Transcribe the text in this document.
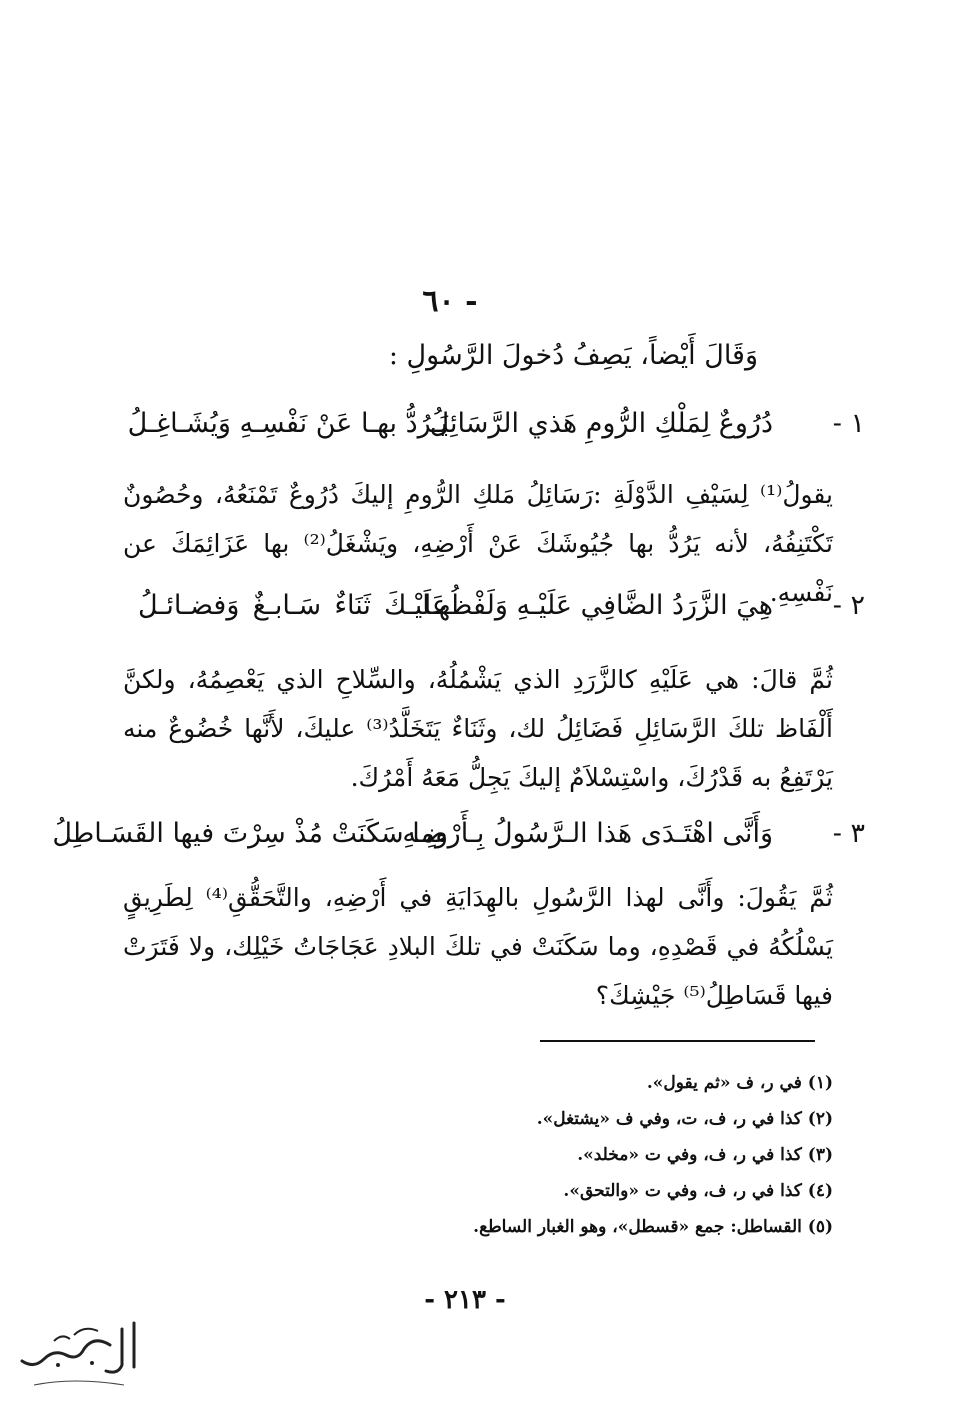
- ٦٠
وَقَالَ أَيْضاً، يَصِفُ دُخولَ الرَّسُولِ :
١ -
دُرُوعٌ لِمَلْكِ الرُّومِ هَذي الرَّسَائِلُ
يَـرُدُّ بهـا عَنْ نَفْسِـهِ وَيُشَـاغِـلُ
يقولُ⁽¹⁾ لِسَيْفِ الدَّوْلَةِ :رَسَائِلُ مَلكِ الرُّومِ إليكَ دُرُوعٌ تَمْنَعُهُ، وحُصُونٌ تَكْتَنِفُهُ، لأنه يَرُدُّ بها جُيُوشَكَ عَنْ أَرْضِهِ، ويَشْغَلُ⁽²⁾ بها عَزَائِمَكَ عن نَفْسِهِ. ٢ -
هِيَ الزَّرَدُ الضَّافِي عَلَيْـهِ وَلَفْظُهـا
عَلَيْـكَ ثَنَاءٌ سَـابـغٌ وَفضـائـلُ
ثُمَّ قالَ: هي عَلَيْهِ كالزَّرَدِ الذي يَشْمُلُهُ، والسِّلاحِ الذي يَعْصِمُهُ، ولكنَّ أَلْفَاظ تلكَ الرَّسَائِلِ فَضَائِلُ لك، وثَنَاءٌ يَتَخَلَّدُ⁽³⁾ عليكَ، لأَنَّها خُضُوعٌ منه يَرْتَفِعُ به قَدْرُكَ، واسْتِسْلاَمٌ إليكَ يَجِلُّ مَعَهُ أَمْرُكَ.
٣ -
وَأَنَّى اهْتَـدَى هَذا الـرَّسُولُ بِـأَرْضِـهِ
وما سَكَنَتْ مُذْ سِرْتَ فيها القَسَـاطِلُ
ثُمَّ يَقُولَ: وأَنَّى لهذا الرَّسُولِ بالهِدَايَةِ في أَرْضِهِ، والتَّحَقُّقِ⁽⁴⁾ لِطَرِيقٍ يَسْلُكُهُ في قَصْدِهِ، وما سَكَنَتْ في تلكَ البلادِ عَجَاجَاتُ خَيْلِك، ولا فَتَرَتْ فيها قَسَاطِلُ⁽⁵⁾ جَيْشِكَ؟
(١) في ر، ف «ثم يقول».
(٢) كذا في ر، ف، ت، وفي ف «يشتغل».
(٣) كذا في ر، ف، وفي ت «مخلد».
(٤) كذا في ر، ف، وفي ت «والتحق».
(٥) القساطل: جمع «قسطل»، وهو الغبار الساطع.
- ٢١٣ -
